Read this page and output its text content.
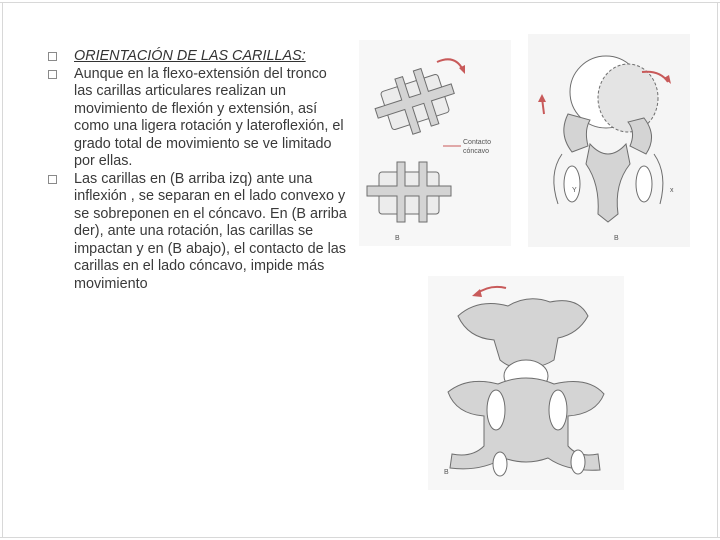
ORIENTACIÓN DE LAS CARILLAS:
Aunque en la flexo-extensión del tronco las carillas articulares realizan un movimiento de flexión y extensión, así como una ligera rotación y lateroflexión, el grado total de movimiento se ve limitado por ellas.
Las carillas en (B arriba izq) ante una inflexión , se separan en el lado convexo y se sobreponen en el cóncavo. En (B arriba der), ante una rotación, las carillas se impactan y en (B abajo), el contacto de las carillas en el lado cóncavo, impide más movimiento
Contacto
cóncavo
B
Y	x
B
B
